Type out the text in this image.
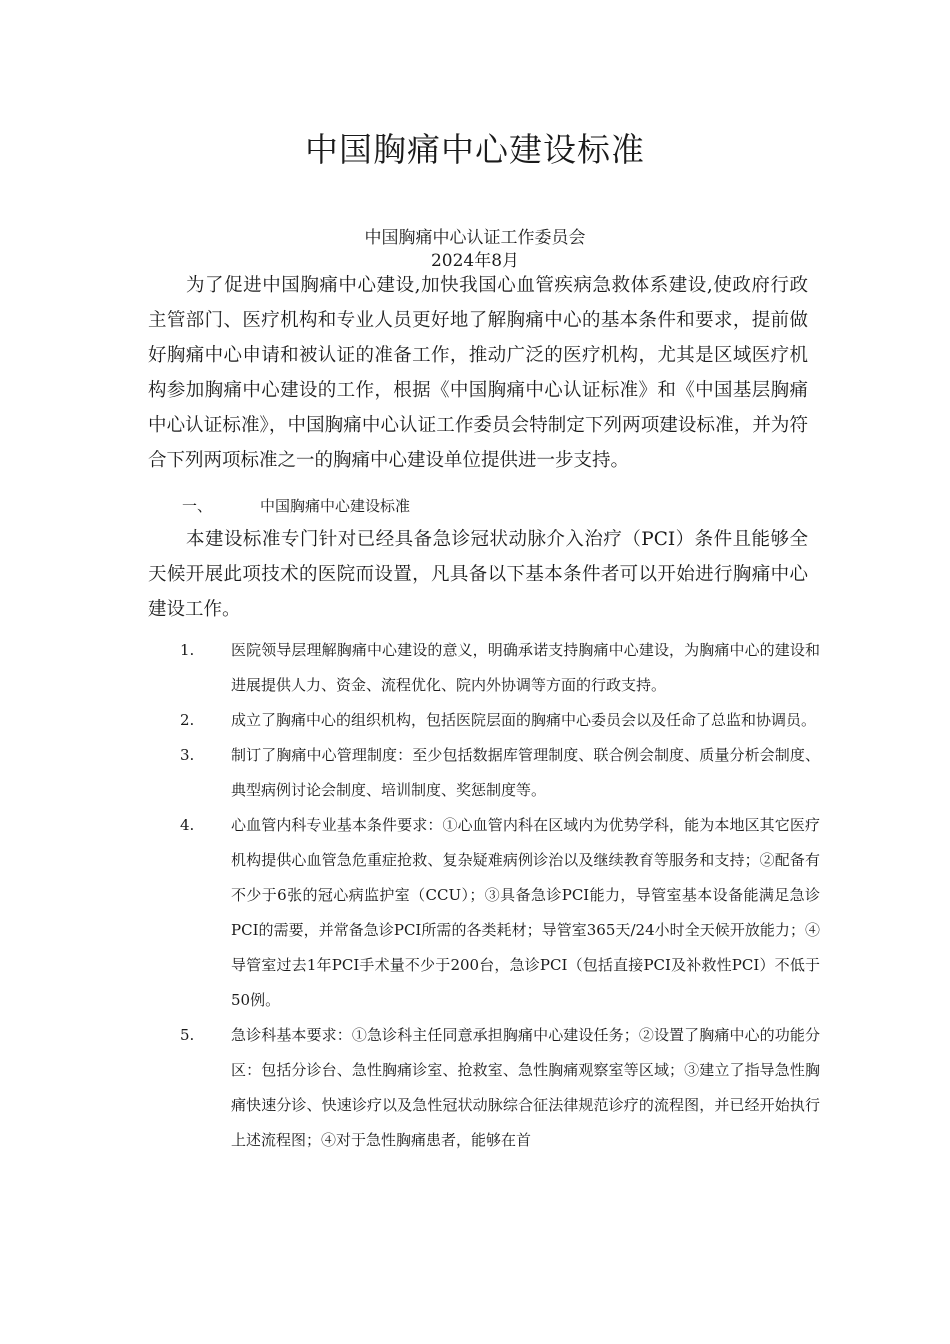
中国胸痛中心建设标准
中国胸痛中心认证工作委员会
2024年8月

为了促进中国胸痛中心建设,加快我国心血管疾病急救体系建设,使政府行政主管部门、医疗机构和专业人员更好地了解胸痛中心的基本条件和要求，提前做好胸痛中心申请和被认证的准备工作，推动广泛的医疗机构，尤其是区域医疗机构参加胸痛中心建设的工作，根据《中国胸痛中心认证标准》和《中国基层胸痛中心认证标准》，中国胸痛中心认证工作委员会特制定下列两项建设标准，并为符合下列两项标准之一的胸痛中心建设单位提供进一步支持。

一、	中国胸痛中心建设标准

本建设标准专门针对已经具备急诊冠状动脉介入治疗（PCI）条件且能够全天候开展此项技术的医院而设置，凡具备以下基本条件者可以开始进行胸痛中心建设工作。

1. 医院领导层理解胸痛中心建设的意义，明确承诺支持胸痛中心建设，为胸痛中心的建设和进展提供人力、资金、流程优化、院内外协调等方面的行政支持。
2. 成立了胸痛中心的组织机构，包括医院层面的胸痛中心委员会以及任命了总监和协调员。
3. 制订了胸痛中心管理制度：至少包括数据库管理制度、联合例会制度、质量分析会制度、典型病例讨论会制度、培训制度、奖惩制度等。
4. 心血管内科专业基本条件要求：①心血管内科在区域内为优势学科，能为本地区其它医疗机构提供心血管急危重症抢救、复杂疑难病例诊治以及继续教育等服务和支持；②配备有不少于6张的冠心病监护室（CCU）；③具备急诊PCI能力，导管室基本设备能满足急诊PCI的需要，并常备急诊PCI所需的各类耗材；导管室365天/24小时全天候开放能力；④导管室过去1年PCI手术量不少于200台，急诊PCI（包括直接PCI及补救性PCI）不低于50例。
5. 急诊科基本要求：①急诊科主任同意承担胸痛中心建设任务；②设置了胸痛中心的功能分区：包括分诊台、急性胸痛诊室、抢救室、急性胸痛观察室等区域；③建立了指导急性胸痛快速分诊、快速诊疗以及急性冠状动脉综合征法律规范诊疗的流程图，并已经开始执行上述流程图；④对于急性胸痛患者，能够在首
